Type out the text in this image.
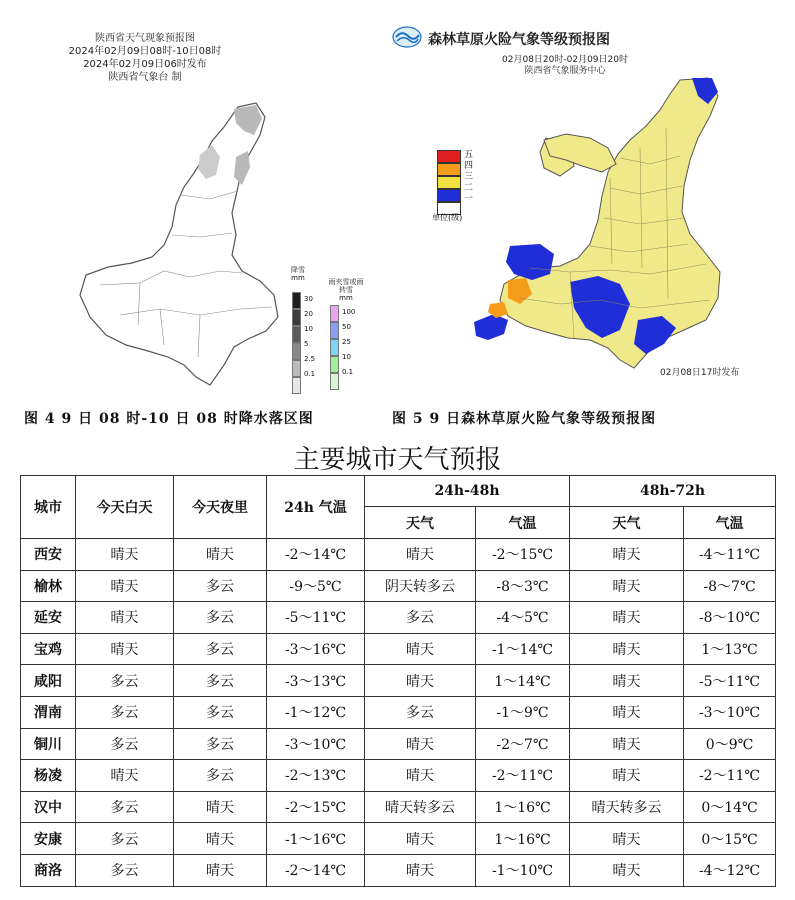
陕西省天气现象预报图
2024年02月09日08时-10日08时
2024年02月09日06时发布
陕西省气象台 制
降雪
mm
30
20
10
5
2.5
0.1
雨夹雪或雨转雪
mm
100
50
25
10
0.1
森林草原火险气象等级预报图
02月08日20时-02月09日20时
陕西省气象服务中心
五
四
三
二
一
单位(级)
02月08日17时发布
图 4 9 日 08 时-10 日 08 时降水落区图	图 5 9 日森林草原火险气象等级预报图
主要城市天气预报
城市	今天白天	今天夜里	24h 气温	24h-48h		48h-72h	
				天气	气温	天气	气温
西安	晴天	晴天	-2～14℃	晴天	-2～15℃	晴天	-4～11℃
榆林	晴天	多云	-9～5℃	阴天转多云	-8～3℃	晴天	-8～7℃
延安	晴天	多云	-5～11℃	多云	-4～5℃	晴天	-8～10℃
宝鸡	晴天	多云	-3～16℃	晴天	-1～14℃	晴天	1～13℃
咸阳	多云	多云	-3～13℃	晴天	1～14℃	晴天	-5～11℃
渭南	多云	多云	-1～12℃	多云	-1～9℃	晴天	-3～10℃
铜川	多云	多云	-3～10℃	晴天	-2～7℃	晴天	0～9℃
杨凌	晴天	多云	-2～13℃	晴天	-2～11℃	晴天	-2～11℃
汉中	多云	晴天	-2～15℃	晴天转多云	1～16℃	晴天转多云	0～14℃
安康	多云	晴天	-1～16℃	晴天	1～16℃	晴天	0～15℃
商洛	多云	晴天	-2～14℃	晴天	-1～10℃	晴天	-4～12℃
